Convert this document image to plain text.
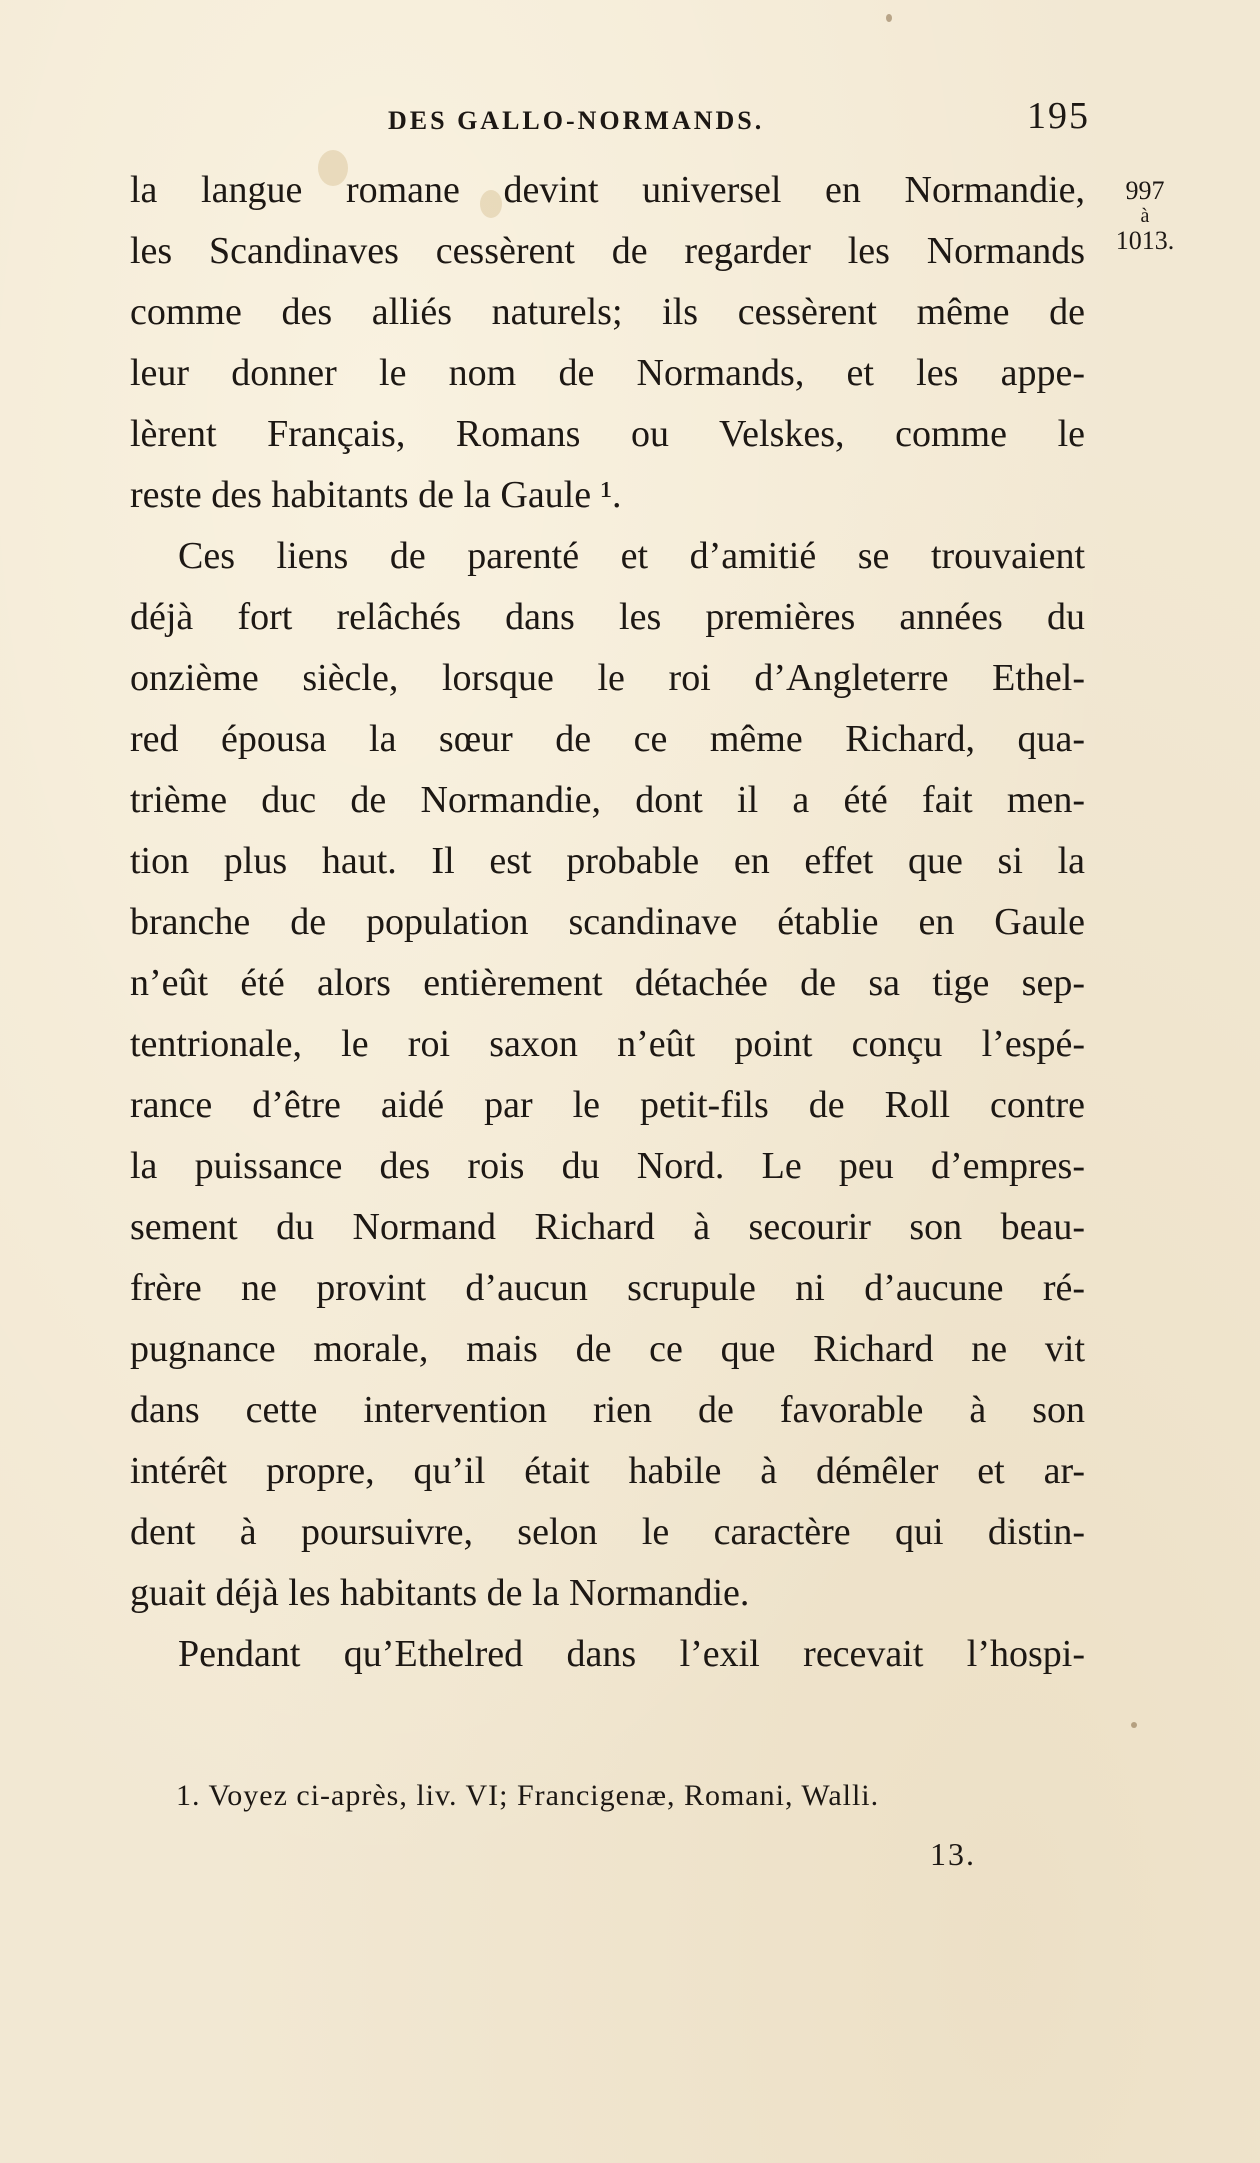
DES GALLO-NORMANDS.	195
997
à
1013.
la langue romane devint universel en Normandie,
les Scandinaves cessèrent de regarder les Normands
comme des alliés naturels; ils cessèrent même de
leur donner le nom de Normands, et les appe-
lèrent Français, Romans ou Velskes, comme le
reste des habitants de la Gaule ¹.
Ces liens de parenté et d’amitié se trouvaient
déjà fort relâchés dans les premières années du
onzième siècle, lorsque le roi d’Angleterre Ethel-
red épousa la sœur de ce même Richard, qua-
trième duc de Normandie, dont il a été fait men-
tion plus haut. Il est probable en effet que si la
branche de population scandinave établie en Gaule
n’eût été alors entièrement détachée de sa tige sep-
tentrionale, le roi saxon n’eût point conçu l’espé-
rance d’être aidé par le petit-fils de Roll contre
la puissance des rois du Nord. Le peu d’empres-
sement du Normand Richard à secourir son beau-
frère ne provint d’aucun scrupule ni d’aucune ré-
pugnance morale, mais de ce que Richard ne vit
dans cette intervention rien de favorable à son
intérêt propre, qu’il était habile à démêler et ar-
dent à poursuivre, selon le caractère qui distin-
guait déjà les habitants de la Normandie.
Pendant qu’Ethelred dans l’exil recevait l’hospi-
1. Voyez ci-après, liv. VI; Francigenæ, Romani, Walli.
13.
